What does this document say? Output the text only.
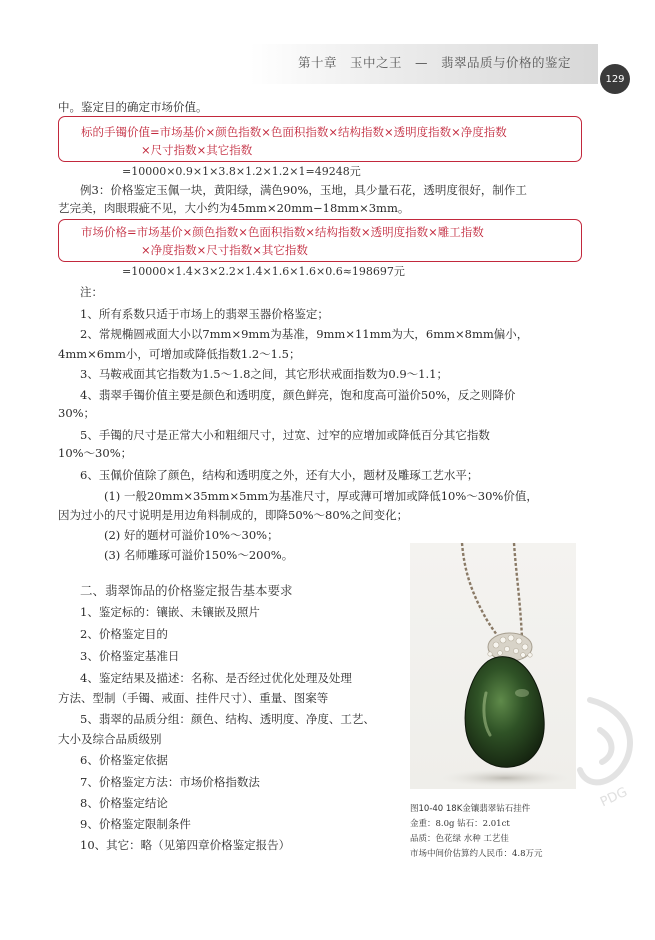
第十章　玉中之王　—　翡翠品质与价格的鉴定
129
中。鉴定目的确定市场价值。
标的手镯价值=市场基价×颜色指数×色面积指数×结构指数×透明度指数×净度指数
×尺寸指数×其它指数
=10000×0.9×1×3.8×1.2×1.2×1=49248元
例3：价格鉴定玉佩一块，黄阳绿，满色90%，玉地，具少量石花，透明度很好，制作工
艺完美，肉眼瑕疵不见，大小约为45mm×20mm−18mm×3mm。
市场价格=市场基价×颜色指数×色面积指数×结构指数×透明度指数×雕工指数
×净度指数×尺寸指数×其它指数
=10000×1.4×3×2.2×1.4×1.6×1.6×0.6≈198697元
注：
1、所有系数只适于市场上的翡翠玉器价格鉴定；
2、常规椭圆戒面大小以7mm×9mm为基准，9mm×11mm为大，6mm×8mm偏小，
4mm×6mm小，可增加或降低指数1.2～1.5；
3、马鞍戒面其它指数为1.5～1.8之间，其它形状戒面指数为0.9～1.1；
4、翡翠手镯价值主要是颜色和透明度，颜色鲜亮，饱和度高可溢价50%，反之则降价
30%；
5、手镯的尺寸是正常大小和粗细尺寸，过宽、过窄的应增加或降低百分其它指数
10%～30%；
6、玉佩价值除了颜色，结构和透明度之外，还有大小，题材及雕琢工艺水平；
(1) 一般20mm×35mm×5mm为基准尺寸，厚或薄可增加或降低10%～30%价值，
因为过小的尺寸说明是用边角料制成的，即降50%～80%之间变化；
(2) 好的题材可溢价10%～30%；
(3) 名师雕琢可溢价150%～200%。
二、翡翠饰品的价格鉴定报告基本要求
1、鉴定标的：镶嵌、未镶嵌及照片
2、价格鉴定目的
3、价格鉴定基准日
4、鉴定结果及描述：名称、是否经过优化处理及处理
方法、型制（手镯、戒面、挂件尺寸）、重量、图案等
5、翡翠的品质分组：颜色、结构、透明度、净度、工艺、
大小及综合品质级别
6、价格鉴定依据
7、价格鉴定方法：市场价格指数法
8、价格鉴定结论
9、价格鉴定限制条件
10、其它：略（见第四章价格鉴定报告）
图10-40 18K金镶翡翠钻石挂件
金重：8.0g 钻石：2.01ct
品质：色花绿 水种 工艺佳
市场中间价估算约人民币：4.8万元
PDG
